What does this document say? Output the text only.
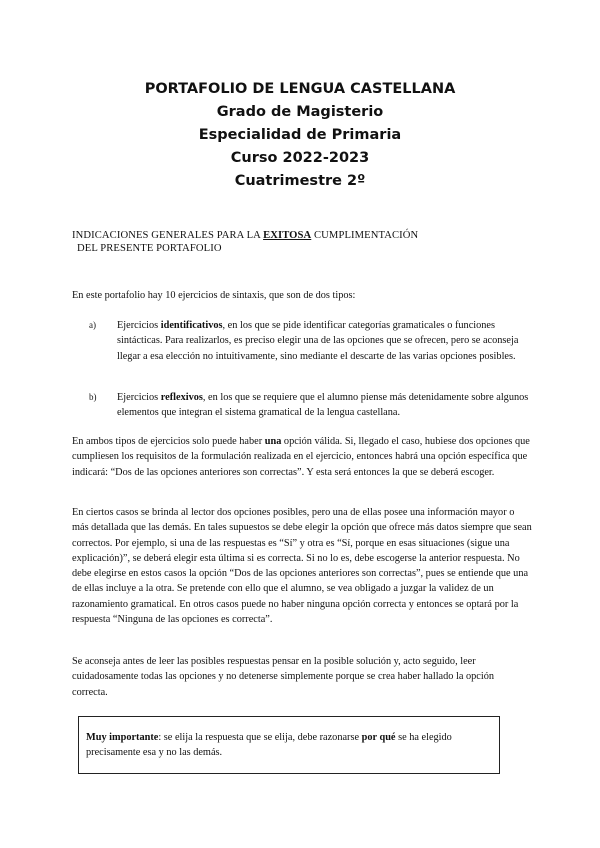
PORTAFOLIO DE LENGUA CASTELLANA
Grado de Magisterio
Especialidad de Primaria
Curso 2022-2023
Cuatrimestre 2º
INDICACIONES GENERALES PARA LA EXITOSA CUMPLIMENTACIÓN
DEL PRESENTE PORTAFOLIO
En este portafolio hay 10 ejercicios de sintaxis, que son de dos tipos:
a)	Ejercicios identificativos, en los que se pide identificar categorías gramaticales o funciones sintácticas. Para realizarlos, es preciso elegir una de las opciones que se ofrecen, pero se aconseja llegar a esa elección no intuitivamente, sino mediante el descarte de las varias opciones posibles.
b)	Ejercicios reflexivos, en los que se requiere que el alumno piense más detenidamente sobre algunos elementos que integran el sistema gramatical de la lengua castellana.
En ambos tipos de ejercicios solo puede haber una opción válida. Si, llegado el caso, hubiese dos opciones que cumpliesen los requisitos de la formulación realizada en el ejercicio, entonces habrá una opción específica que indicará: “Dos de las opciones anteriores son correctas”. Y esta será entonces la que se deberá escoger.
En ciertos casos se brinda al lector dos opciones posibles, pero una de ellas posee una información mayor o más detallada que las demás. En tales supuestos se debe elegir la opción que ofrece más datos siempre que sean correctos. Por ejemplo, si una de las respuestas es “Sí” y otra es “Sí, porque en esas situaciones (sigue una explicación)”, se deberá elegir esta última si es correcta. Si no lo es, debe escogerse la anterior respuesta. No debe elegirse en estos casos la opción “Dos de las opciones anteriores son correctas”, pues se entiende que una de ellas incluye a la otra. Se pretende con ello que el alumno, se vea obligado a juzgar la validez de un razonamiento gramatical. En otros casos puede no haber ninguna opción correcta y entonces se optará por la respuesta “Ninguna de las opciones es correcta”.
Se aconseja antes de leer las posibles respuestas pensar en la posible solución y, acto seguido, leer cuidadosamente todas las opciones y no detenerse simplemente porque se crea haber hallado la opción correcta.
Muy importante: se elija la respuesta que se elija, debe razonarse por qué se ha elegido precisamente esa y no las demás.
